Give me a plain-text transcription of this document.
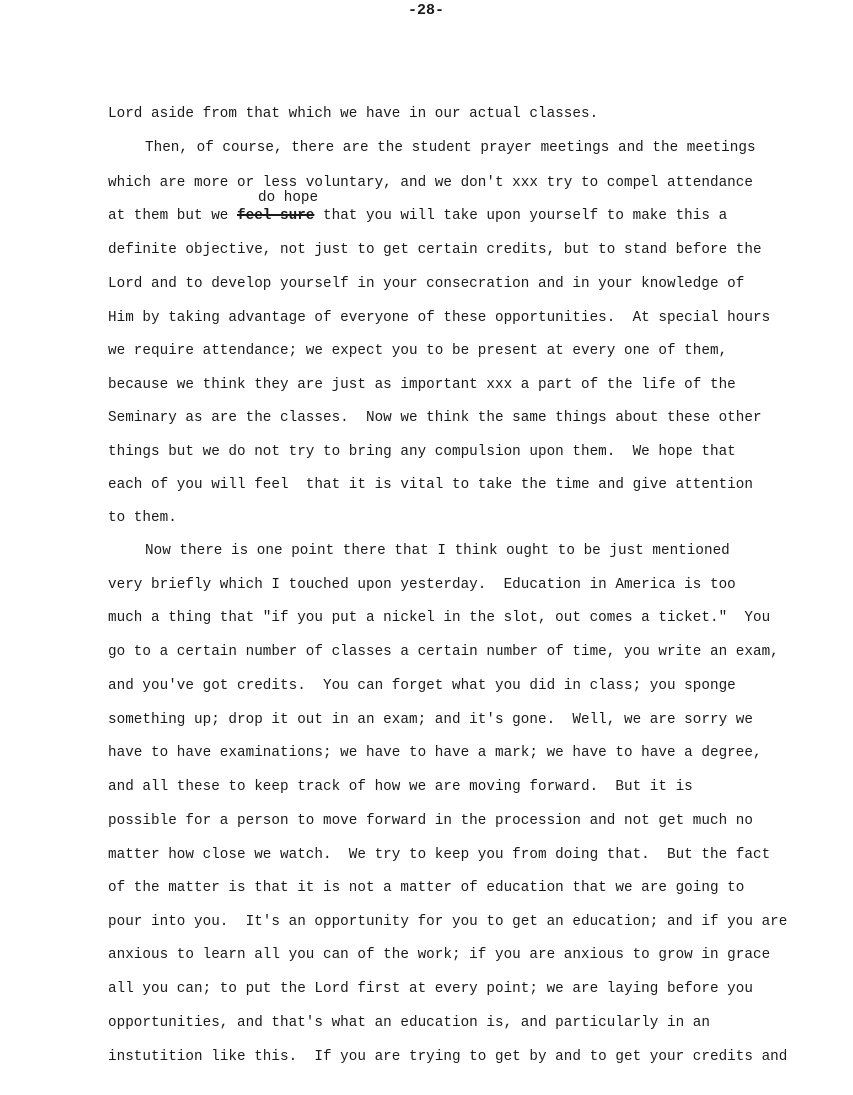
-28-
Lord aside from that which we have in our actual classes.
Then, of course, there are the student prayer meetings and the meetings
which are more or less voluntary, and we don't xxx try to compel attendance
do hope
at them but we feel sure that you will take upon yourself to make this a
definite objective, not just to get certain credits, but to stand before the
Lord and to develop yourself in your consecration and in your knowledge of
Him by taking advantage of everyone of these opportunities.  At special hours
we require attendance; we expect you to be present at every one of them,
because we think they are just as important xxx a part of the life of the
Seminary as are the classes.  Now we think the same things about these other
things but we do not try to bring any compulsion upon them.  We hope that
each of you will feel  that it is vital to take the time and give attention
to them.
Now there is one point there that I think ought to be just mentioned
very briefly which I touched upon yesterday.  Education in America is too
much a thing that "if you put a nickel in the slot, out comes a ticket."  You
go to a certain number of classes a certain number of time, you write an exam,
and you've got credits.  You can forget what you did in class; you sponge
something up; drop it out in an exam; and it's gone.  Well, we are sorry we
have to have examinations; we have to have a mark; we have to have a degree,
and all these to keep track of how we are moving forward.  But it is
possible for a person to move forward in the procession and not get much no
matter how close we watch.  We try to keep you from doing that.  But the fact
of the matter is that it is not a matter of education that we are going to
pour into you.  It's an opportunity for you to get an education; and if you are
anxious to learn all you can of the work; if you are anxious to grow in grace
all you can; to put the Lord first at every point; we are laying before you
opportunities, and that's what an education is, and particularly in an
instutition like this.  If you are trying to get by and to get your credits and
